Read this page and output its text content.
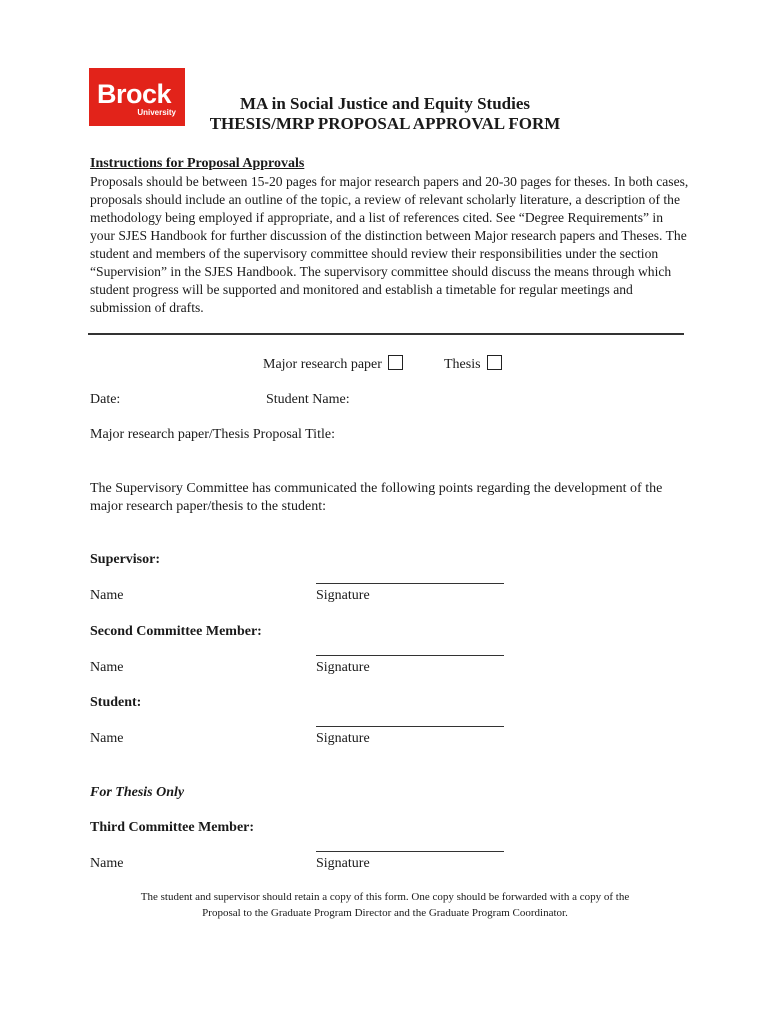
Brock
University	MA in Social Justice and Equity Studies
THESIS/MRP PROPOSAL APPROVAL FORM
Instructions for Proposal Approvals
Proposals should be between 15-20 pages for major research papers and 20-30 pages for theses. In both cases, proposals should include an outline of the topic, a review of relevant scholarly literature, a description of the methodology being employed if appropriate, and a list of references cited. See “Degree Requirements” in your SJES Handbook for further discussion of the distinction between Major research papers and Theses. The student and members of the supervisory committee should review their responsibilities under the section “Supervision” in the SJES Handbook. The supervisory committee should discuss the means through which student progress will be supported and monitored and establish a timetable for regular meetings and submission of drafts.
Major research paper	Thesis
Date:	Student Name:
Major research paper/Thesis Proposal Title:
The Supervisory Committee has communicated the following points regarding the development of the major research paper/thesis to the student:
Supervisor:
Name	Signature
Second Committee Member:
Name	Signature
Student:
Name	Signature
For Thesis Only
Third Committee Member:
Name	Signature
The student and supervisor should retain a copy of this form. One copy should be forwarded with a copy of the
Proposal to the Graduate Program Director and the Graduate Program Coordinator.
